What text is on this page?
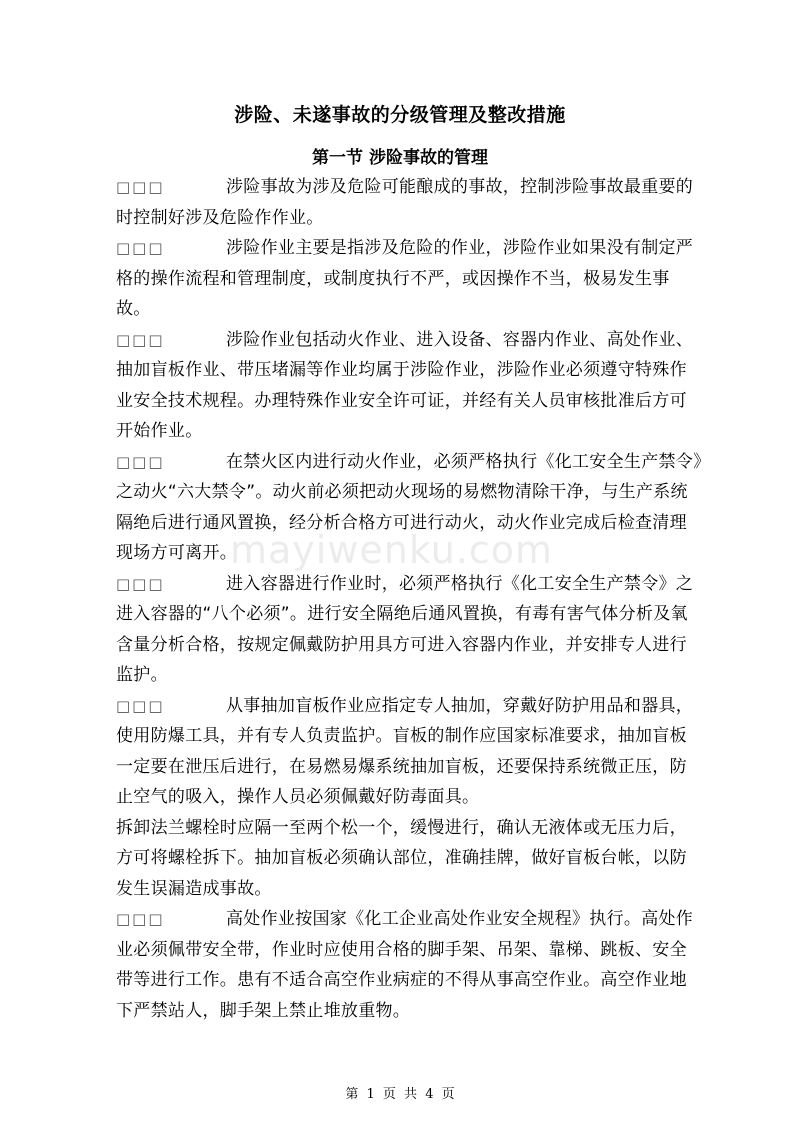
涉险、未遂事故的分级管理及整改措施
第一节 涉险事故的管理

□□□	涉险事故为涉及危险可能酿成的事故，控制涉险事故最重要的时控制好涉及危险作作业。

□□□	涉险作业主要是指涉及危险的作业，涉险作业如果没有制定严格的操作流程和管理制度，或制度执行不严，或因操作不当，极易发生事故。

□□□	涉险作业包括动火作业、进入设备、容器内作业、高处作业、抽加盲板作业、带压堵漏等作业均属于涉险作业，涉险作业必须遵守特殊作业安全技术规程。办理特殊作业安全许可证，并经有关人员审核批准后方可开始作业。

□□□	在禁火区内进行动火作业，必须严格执行《化工安全生产禁令》之动火“六大禁令”。动火前必须把动火现场的易燃物清除干净，与生产系统隔绝后进行通风置换，经分析合格方可进行动火，动火作业完成后检查清理现场方可离开。

□□□	进入容器进行作业时，必须严格执行《化工安全生产禁令》之进入容器的“八个必须”。进行安全隔绝后通风置换，有毒有害气体分析及氧含量分析合格，按规定佩戴防护用具方可进入容器内作业，并安排专人进行监护。

□□□	从事抽加盲板作业应指定专人抽加，穿戴好防护用品和器具，使用防爆工具，并有专人负责监护。盲板的制作应国家标准要求，抽加盲板一定要在泄压后进行，在易燃易爆系统抽加盲板，还要保持系统微正压，防止空气的吸入，操作人员必须佩戴好防毒面具。

拆卸法兰螺栓时应隔一至两个松一个，缓慢进行，确认无液体或无压力后，方可将螺栓拆下。抽加盲板必须确认部位，准确挂牌，做好盲板台帐，以防发生误漏造成事故。

□□□	高处作业按国家《化工企业高处作业安全规程》执行。高处作业必须佩带安全带，作业时应使用合格的脚手架、吊架、靠梯、跳板、安全带等进行工作。患有不适合高空作业病症的不得从事高空作业。高空作业地下严禁站人，脚手架上禁止堆放重物。

mayiwenku.com
第 1 页 共 4 页
